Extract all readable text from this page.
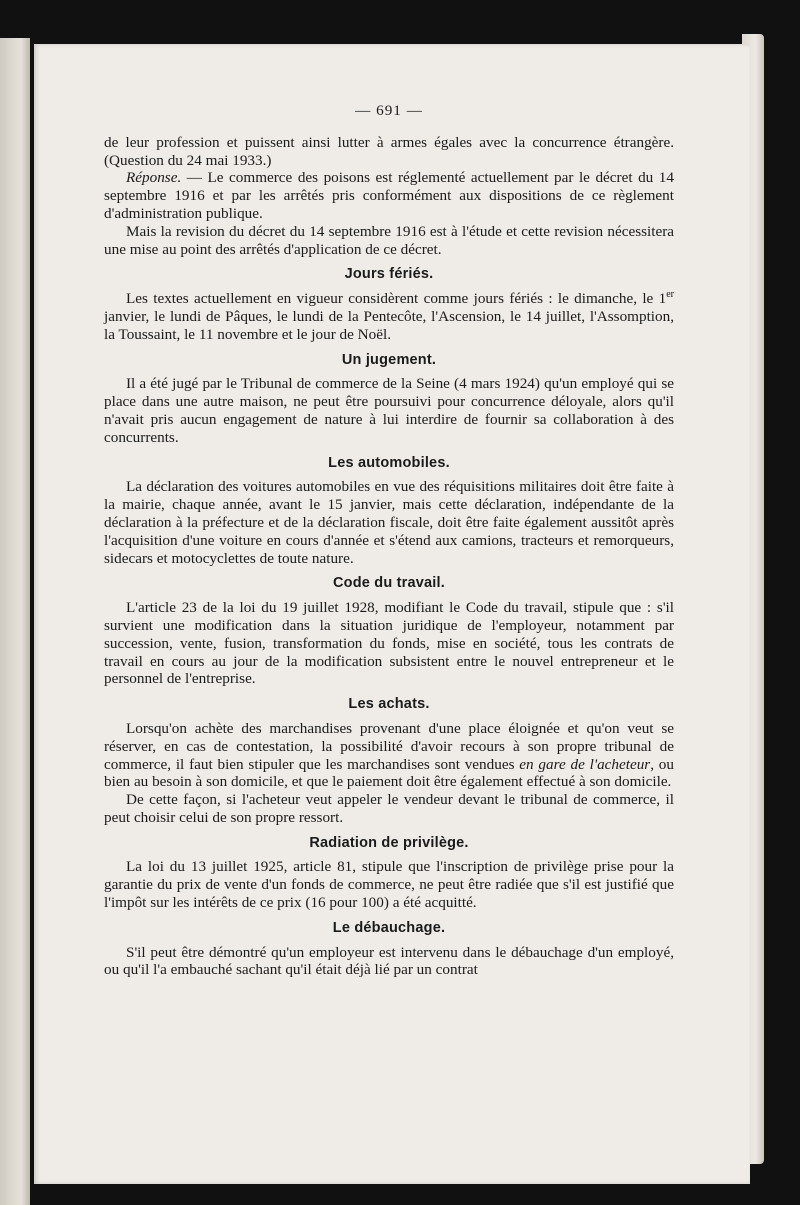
— 691 —

de leur profession et puissent ainsi lutter à armes égales avec la concurrence étrangère. (Question du 24 mai 1933.)

Réponse. — Le commerce des poisons est réglementé actuellement par le décret du 14 septembre 1916 et par les arrêtés pris conformément aux dispositions de ce règlement d'administration publique.

Mais la revision du décret du 14 septembre 1916 est à l'étude et cette revision nécessitera une mise au point des arrêtés d'application de ce décret.

Jours fériés.

Les textes actuellement en vigueur considèrent comme jours fériés : le dimanche, le 1er janvier, le lundi de Pâques, le lundi de la Pentecôte, l'Ascension, le 14 juillet, l'Assomption, la Toussaint, le 11 novembre et le jour de Noël.

Un jugement.

Il a été jugé par le Tribunal de commerce de la Seine (4 mars 1924) qu'un employé qui se place dans une autre maison, ne peut être poursuivi pour concurrence déloyale, alors qu'il n'avait pris aucun engagement de nature à lui interdire de fournir sa collaboration à des concurrents.

Les automobiles.

La déclaration des voitures automobiles en vue des réquisitions militaires doit être faite à la mairie, chaque année, avant le 15 janvier, mais cette déclaration, indépendante de la déclaration à la préfecture et de la déclaration fiscale, doit être faite également aussitôt après l'acquisition d'une voiture en cours d'année et s'étend aux camions, tracteurs et remorqueurs, sidecars et motocyclettes de toute nature.

Code du travail.

L'article 23 de la loi du 19 juillet 1928, modifiant le Code du travail, stipule que : s'il survient une modification dans la situation juridique de l'employeur, notamment par succession, vente, fusion, transformation du fonds, mise en société, tous les contrats de travail en cours au jour de la modification subsistent entre le nouvel entrepreneur et le personnel de l'entreprise.

Les achats.

Lorsqu'on achète des marchandises provenant d'une place éloignée et qu'on veut se réserver, en cas de contestation, la possibilité d'avoir recours à son propre tribunal de commerce, il faut bien stipuler que les marchandises sont vendues en gare de l'acheteur, ou bien au besoin à son domicile, et que le paiement doit être également effectué à son domicile.

De cette façon, si l'acheteur veut appeler le vendeur devant le tribunal de commerce, il peut choisir celui de son propre ressort.

Radiation de privilège.

La loi du 13 juillet 1925, article 81, stipule que l'inscription de privilège prise pour la garantie du prix de vente d'un fonds de commerce, ne peut être radiée que s'il est justifié que l'impôt sur les intérêts de ce prix (16 pour 100) a été acquitté.

Le débauchage.

S'il peut être démontré qu'un employeur est intervenu dans le débauchage d'un employé, ou qu'il l'a embauché sachant qu'il était déjà lié par un contrat
